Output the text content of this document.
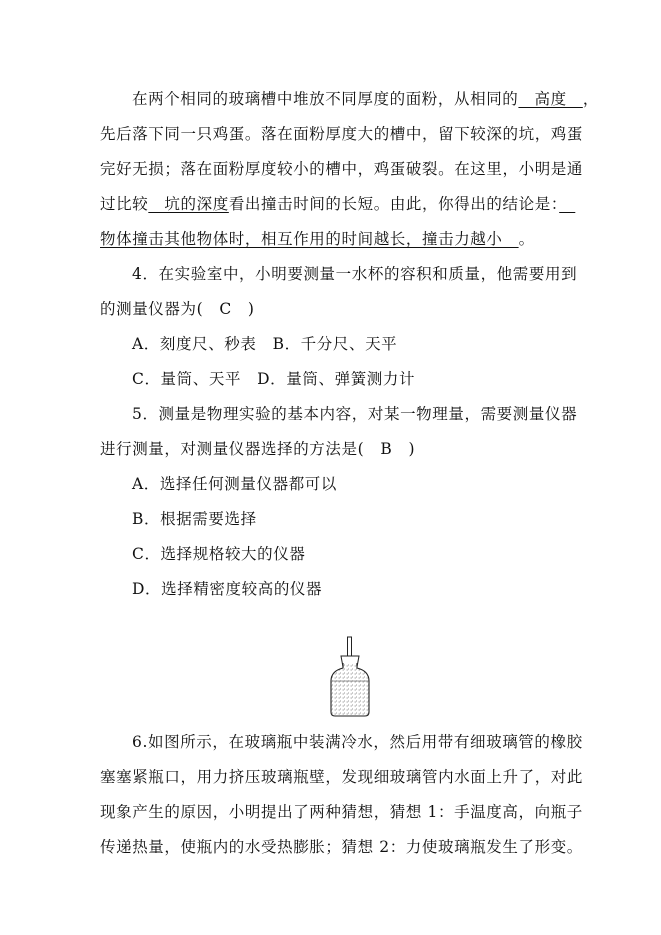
在两个相同的玻璃槽中堆放不同厚度的面粉，从相同的　高度　，
先后落下同一只鸡蛋。落在面粉厚度大的槽中，留下较深的坑，鸡蛋
完好无损；落在面粉厚度较小的槽中，鸡蛋破裂。在这里，小明是通
过比较　坑的深度看出撞击时间的长短。由此，你得出的结论是：　
物体撞击其他物体时，相互作用的时间越长，撞击力越小　。
4．在实验室中，小明要测量一水杯的容积和质量，他需要用到
的测量仪器为(　C　)
A．刻度尺、秒表　B．千分尺、天平
C．量筒、天平　D．量筒、弹簧测力计
5．测量是物理实验的基本内容，对某一物理量，需要测量仪器
进行测量，对测量仪器选择的方法是(　B　)
A．选择任何测量仪器都可以
B．根据需要选择
C．选择规格较大的仪器
D．选择精密度较高的仪器
6.如图所示，在玻璃瓶中装满冷水，然后用带有细玻璃管的橡胶
塞塞紧瓶口，用力挤压玻璃瓶壁，发现细玻璃管内水面上升了，对此
现象产生的原因，小明提出了两种猜想，猜想 1：手温度高，向瓶子
传递热量，使瓶内的水受热膨胀；猜想 2：力使玻璃瓶发生了形变。
